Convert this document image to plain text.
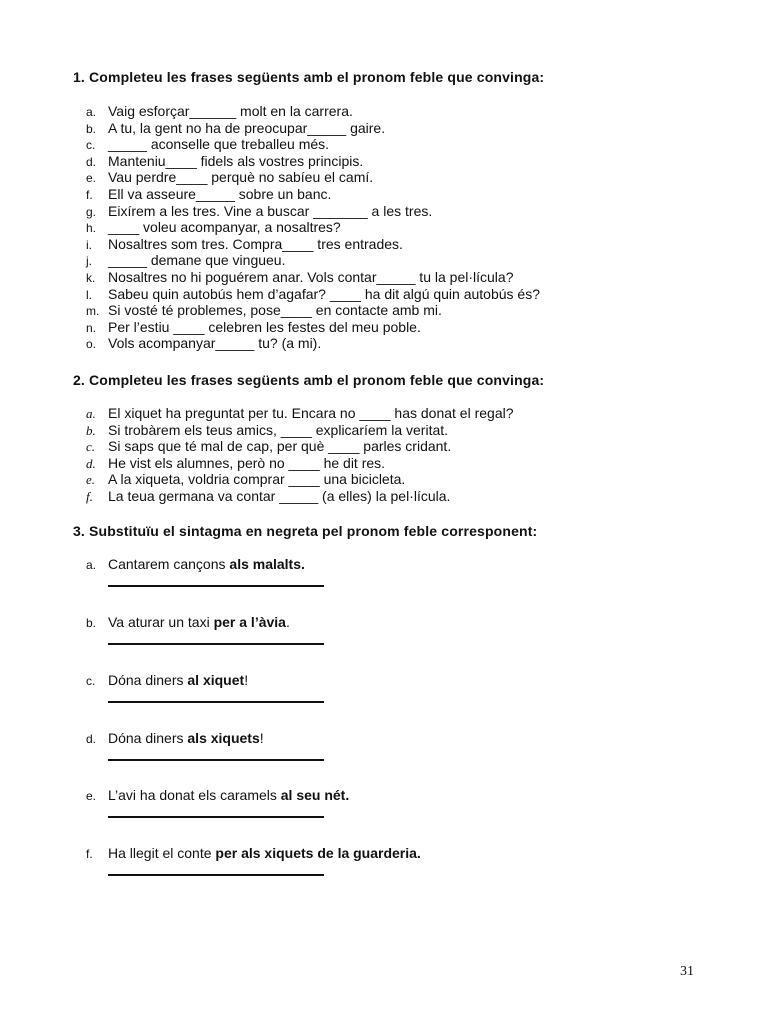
1. Completeu les frases següents amb el pronom feble que convinga:
a. Vaig esforçar______ molt en la carrera.
b. A tu, la gent no ha de preocupar_____ gaire.
c. _____ aconselle que treballeu més.
d. Manteniu____ fidels als vostres principis.
e. Vau perdre____ perquè no sabíeu el camí.
f. Ell va asseure_____ sobre un banc.
g. Eixírem a les tres. Vine a buscar _______ a les tres.
h. ____ voleu acompanyar, a nosaltres?
i. Nosaltres som tres. Compra____ tres entrades.
j. _____ demane que vingueu.
k. Nosaltres no hi poguérem anar. Vols contar_____ tu la pel·lícula?
l. Sabeu quin autobús hem d’agafar? ____ ha dit algú quin autobús és?
m. Si vosté té problemes, pose____ en contacte amb mi.
n. Per l’estiu ____ celebren les festes del meu poble.
o. Vols acompanyar_____ tu? (a mi).
2. Completeu les frases següents amb el pronom feble que convinga:
a. El xiquet ha preguntat per tu. Encara no ____ has donat el regal?
b. Si trobàrem els teus amics, ____ explicaríem la veritat.
c. Si saps que té mal de cap, per què ____ parles cridant.
d. He vist els alumnes, però no ____ he dit res.
e. A la xiqueta, voldria comprar ____ una bicicleta.
f. La teua germana va contar _____ (a elles) la pel·lícula.
3. Substituïu el sintagma en negreta pel pronom feble corresponent:
a. Cantarem cançons als malalts.
b. Va aturar un taxi per a l’àvia.
c. Dóna diners al xiquet!
d. Dóna diners als xiquets!
e. L’avi ha donat els caramels al seu nét.
f. Ha llegit el conte per als xiquets de la guarderia.
31
